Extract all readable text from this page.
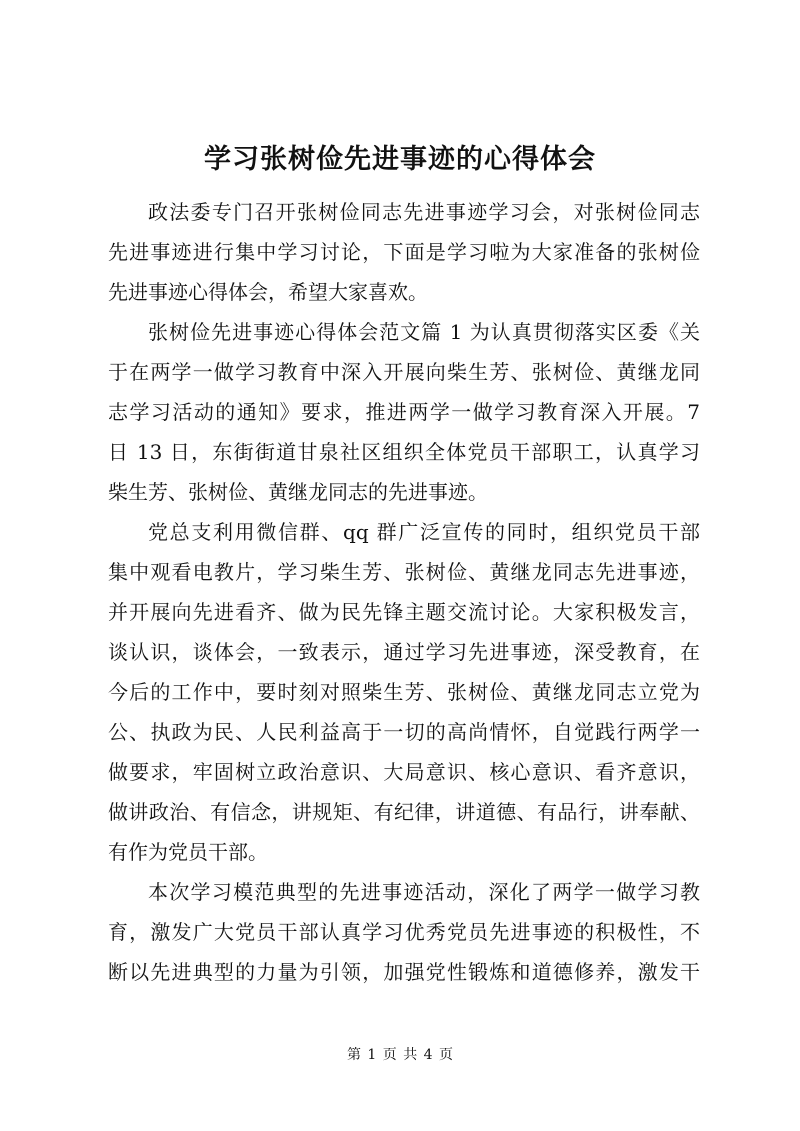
学习张树俭先进事迹的心得体会
政法委专门召开张树俭同志先进事迹学习会，对张树俭同志
先进事迹进行集中学习讨论，下面是学习啦为大家准备的张树俭
先进事迹心得体会，希望大家喜欢。
张树俭先进事迹心得体会范文篇 1 为认真贯彻落实区委《关
于在两学一做学习教育中深入开展向柴生芳、张树俭、黄继龙同
志学习活动的通知》要求，推进两学一做学习教育深入开展。7
日 13 日，东街街道甘泉社区组织全体党员干部职工，认真学习
柴生芳、张树俭、黄继龙同志的先进事迹。
党总支利用微信群、qq 群广泛宣传的同时，组织党员干部
集中观看电教片，学习柴生芳、张树俭、黄继龙同志先进事迹，
并开展向先进看齐、做为民先锋主题交流讨论。大家积极发言，
谈认识，谈体会，一致表示，通过学习先进事迹，深受教育，在
今后的工作中，要时刻对照柴生芳、张树俭、黄继龙同志立党为
公、执政为民、人民利益高于一切的高尚情怀，自觉践行两学一
做要求，牢固树立政治意识、大局意识、核心意识、看齐意识，
做讲政治、有信念，讲规矩、有纪律，讲道德、有品行，讲奉献、
有作为党员干部。
本次学习模范典型的先进事迹活动，深化了两学一做学习教
育，激发广大党员干部认真学习优秀党员先进事迹的积极性，不
断以先进典型的力量为引领，加强党性锻炼和道德修养，激发干
第 1 页 共 4 页
